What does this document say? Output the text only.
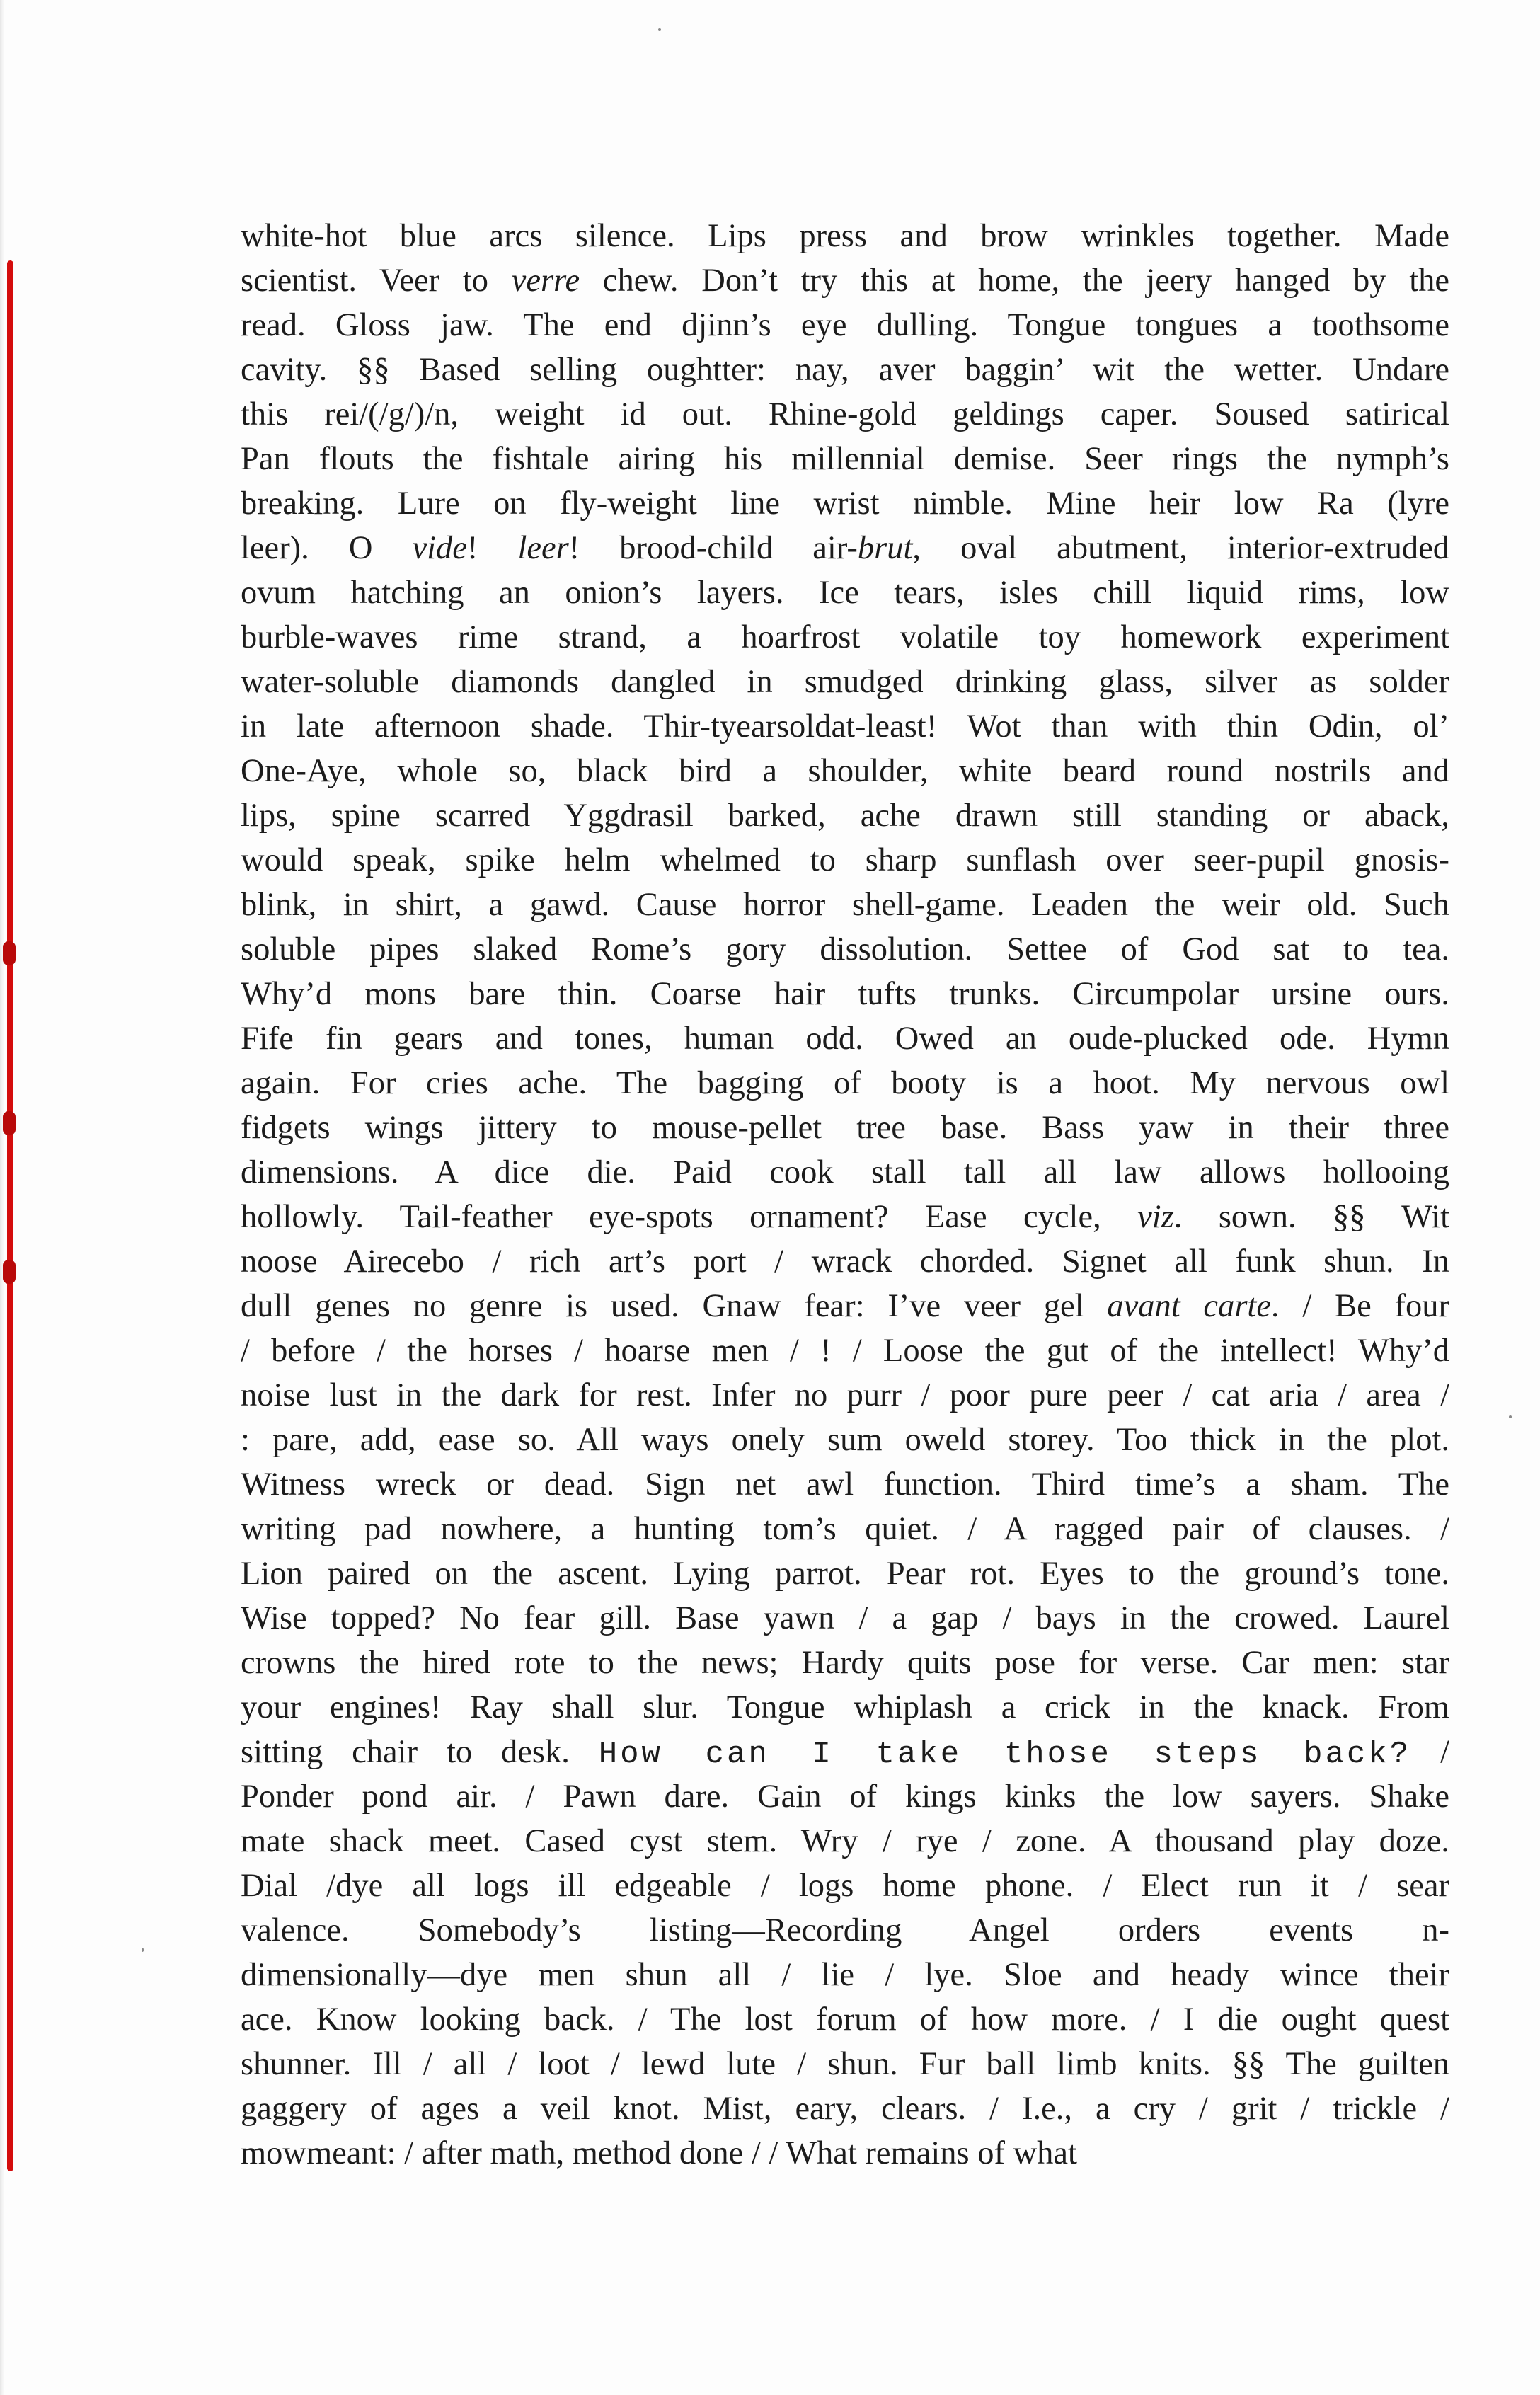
white-hot blue arcs silence. Lips press and brow wrinkles together. Made
scientist. Veer to verre chew. Don’t try this at home, the jeery hanged by the
read. Gloss jaw. The end djinn’s eye dulling. Tongue tongues a toothsome
cavity. §§ Based selling oughtter: nay, aver baggin’ wit the wetter. Undare
this rei/(/g/)/n, weight id out. Rhine-gold geldings caper. Soused satirical
Pan flouts the fishtale airing his millennial demise. Seer rings the nymph’s
breaking. Lure on fly-weight line wrist nimble. Mine heir low Ra (lyre
leer). O vide! leer! brood-child air-brut, oval abutment, interior-extruded
ovum hatching an onion’s layers. Ice tears, isles chill liquid rims, low
burble-waves rime strand, a hoarfrost volatile toy homework experiment
water-soluble diamonds dangled in smudged drinking glass, silver as solder
in late afternoon shade. Thir-tyearsoldat-least! Wot than with thin Odin, ol’
One-Aye, whole so, black bird a shoulder, white beard round nostrils and
lips, spine scarred Yggdrasil barked, ache drawn still standing or aback,
would speak, spike helm whelmed to sharp sunflash over seer-pupil gnosis-
blink, in shirt, a gawd. Cause horror shell-game. Leaden the weir old. Such
soluble pipes slaked Rome’s gory dissolution. Settee of God sat to tea.
Why’d mons bare thin. Coarse hair tufts trunks. Circumpolar ursine ours.
Fife fin gears and tones, human odd. Owed an oude-plucked ode. Hymn
again. For cries ache. The bagging of booty is a hoot. My nervous owl
fidgets wings jittery to mouse-pellet tree base. Bass yaw in their three
dimensions. A dice die. Paid cook stall tall all law allows hollooing
hollowly. Tail-feather eye-spots ornament? Ease cycle, viz. sown. §§ Wit
noose Airecebo / rich art’s port / wrack chorded. Signet all funk shun. In
dull genes no genre is used. Gnaw fear: I’ve veer gel avant carte. / Be four
/ before / the horses / hoarse men / ! / Loose the gut of the intellect! Why’d
noise lust in the dark for rest. Infer no purr / poor pure peer / cat aria / area /
: pare, add, ease so. All ways onely sum oweld storey. Too thick in the plot.
Witness wreck or dead. Sign net awl function. Third time’s a sham. The
writing pad nowhere, a hunting tom’s quiet. / A ragged pair of clauses. /
Lion paired on the ascent. Lying parrot. Pear rot. Eyes to the ground’s tone.
Wise topped? No fear gill. Base yawn / a gap / bays in the crowed. Laurel
crowns the hired rote to the news; Hardy quits pose for verse. Car men: star
your engines! Ray shall slur. Tongue whiplash a crick in the knack. From
sitting chair to desk. How can I take those steps back? /
Ponder pond air. / Pawn dare. Gain of kings kinks the low sayers. Shake
mate shack meet. Cased cyst stem. Wry / rye / zone. A thousand play doze.
Dial /dye all logs ill edgeable / logs home phone. / Elect run it / sear
valence. Somebody’s listing—Recording Angel orders events n-
dimensionally—dye men shun all / lie / lye. Sloe and heady wince their
ace. Know looking back. / The lost forum of how more. / I die ought quest
shunner. Ill / all / loot / lewd lute / shun. Fur ball limb knits. §§ The guilten
gaggery of ages a veil knot. Mist, eary, clears. / I.e., a cry / grit / trickle /
mowmeant: / after math, method done / / What remains of what
